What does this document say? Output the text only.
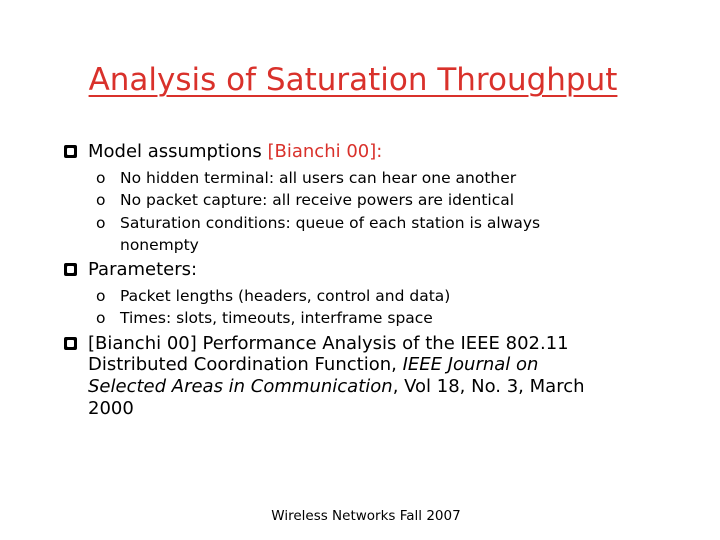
Analysis of Saturation Throughput
Model assumptions [Bianchi 00]:
o No hidden terminal: all users can hear one another
o No packet capture: all receive powers are identical
o Saturation conditions: queue of each station is always
nonempty
Parameters:
o Packet lengths (headers, control and data)
o Times: slots, timeouts, interframe space
[Bianchi 00] Performance Analysis of the IEEE 802.11
Distributed Coordination Function, IEEE Journal on
Selected Areas in Communication, Vol 18, No. 3, March
2000
Wireless Networks Fall 2007
